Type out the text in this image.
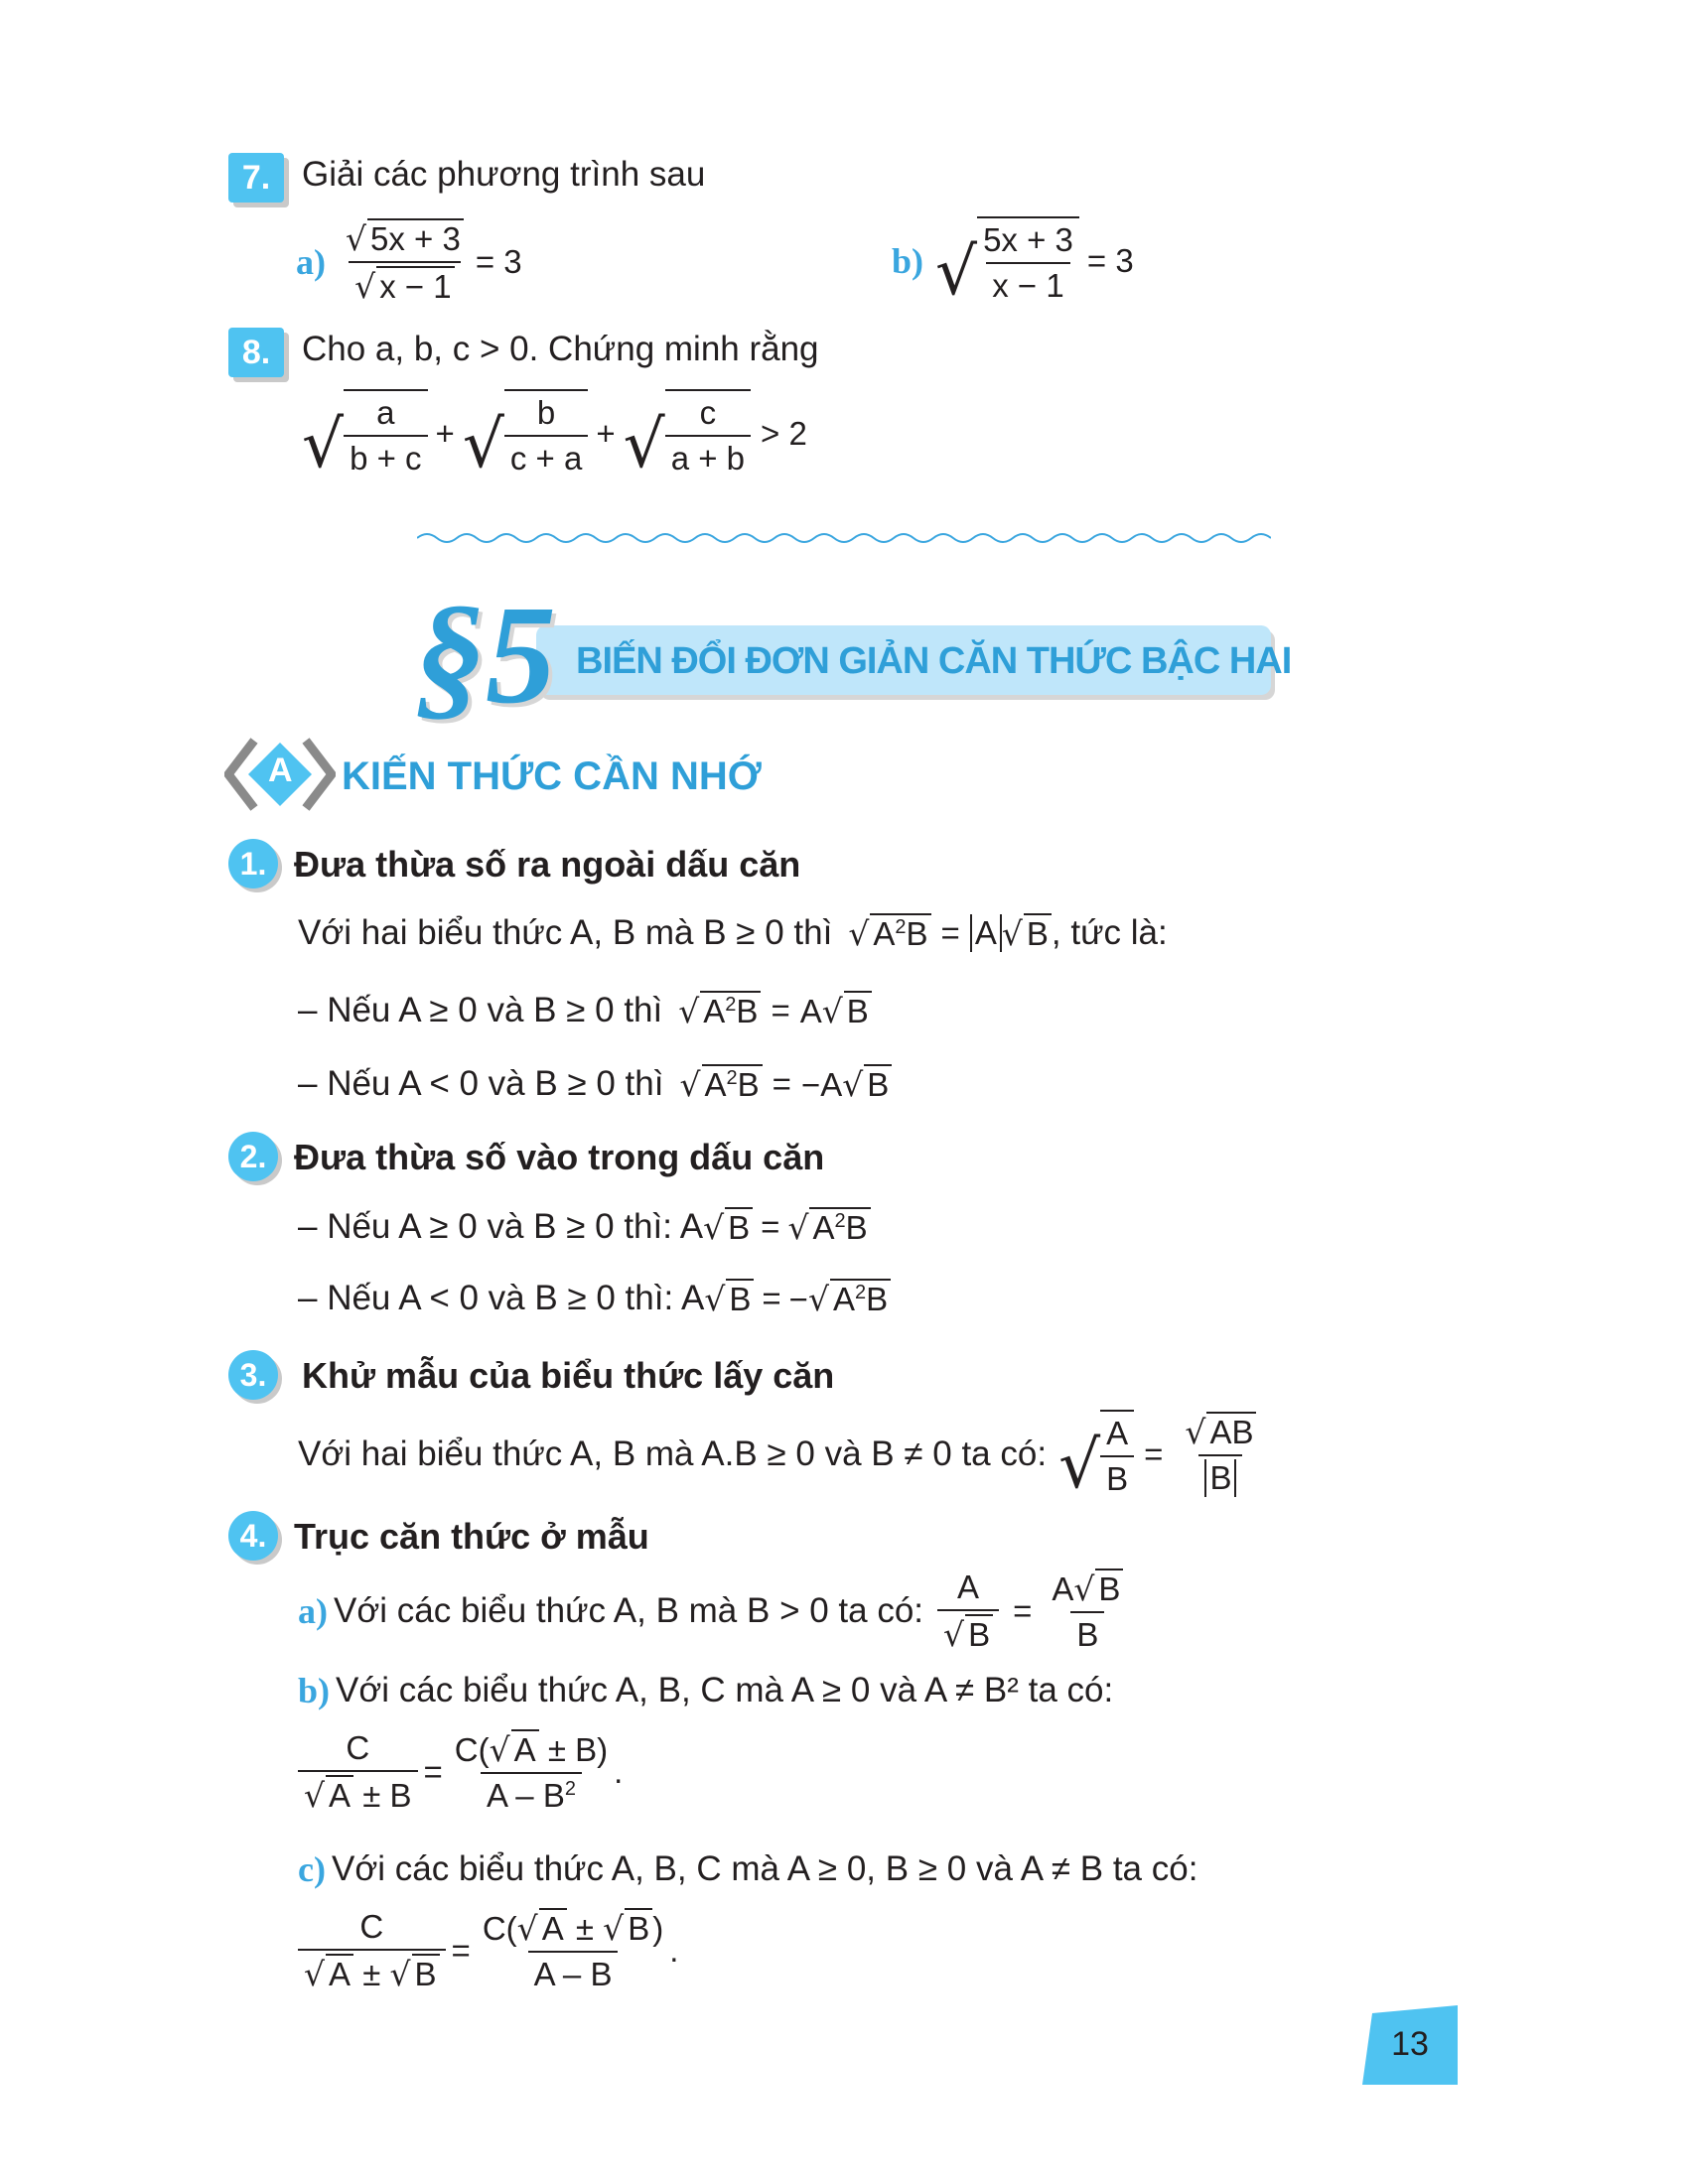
7. Giải các phương trình sau
$a) \frac{√ 5x + 3}{√ x - 1} = 3$	b) √ $\frac{5x + 3}{x - 1} = 3$
8. Cho a, b, c > 0. Chứng minh rằng
√ $\frac{a}{b + c}$ + √ $\frac{b}{c + a}$ + √ $\frac{c}{a + b} > 2$
§5 BIẾN ĐỔI ĐƠN GIẢN CĂN THỨC BẬC HAI
A KIẾN THỨC CẦN NHỚ
1. Đưa thừa số ra ngoài dấu căn
Với hai biểu thức A, B mà B ≥ 0 thì √ $A^2B = A$ √ B , tức là:
– Nếu A ≥ 0 và B ≥ 0 thì √ $A^2B = A√$ B
– Nếu A < 0 và B ≥ 0 thì √ $A^2B = -A√$ B
2. Đưa thừa số vào trong dấu căn
– Nếu A ≥ 0 và B ≥ 0 thì: A √ B = √ $A^2B$
– Nếu A < 0 và B ≥ 0 thì: A √ B = −√ $A^2B$
3. Khử mẫu của biểu thức lấy căn
Với hai biểu thức A, B mà A.B ≥ 0 và B ≠ 0 ta có: √ $\frac{A}{B} = \frac{√ AB}{B}$
4. Trục căn thức ở mẫu
a) Với các biểu thức A, B mà B > 0 ta có: $\frac{A}{√ B} = \frac{A√ B}{B}$
b) Với các biểu thức A, B, C mà A ≥ 0 và A ≠ B² ta có:
$\frac{C}{√ A \pm B} = \frac{C(√ A \pm B)}{A - B^2}$ .
c) Với các biểu thức A, B, C mà A ≥ 0, B ≥ 0 và A ≠ B ta có:
$\frac{C}{√ A \pm √ B} = \frac{C(√ A \pm √ B)}{A - B}$ .
13
